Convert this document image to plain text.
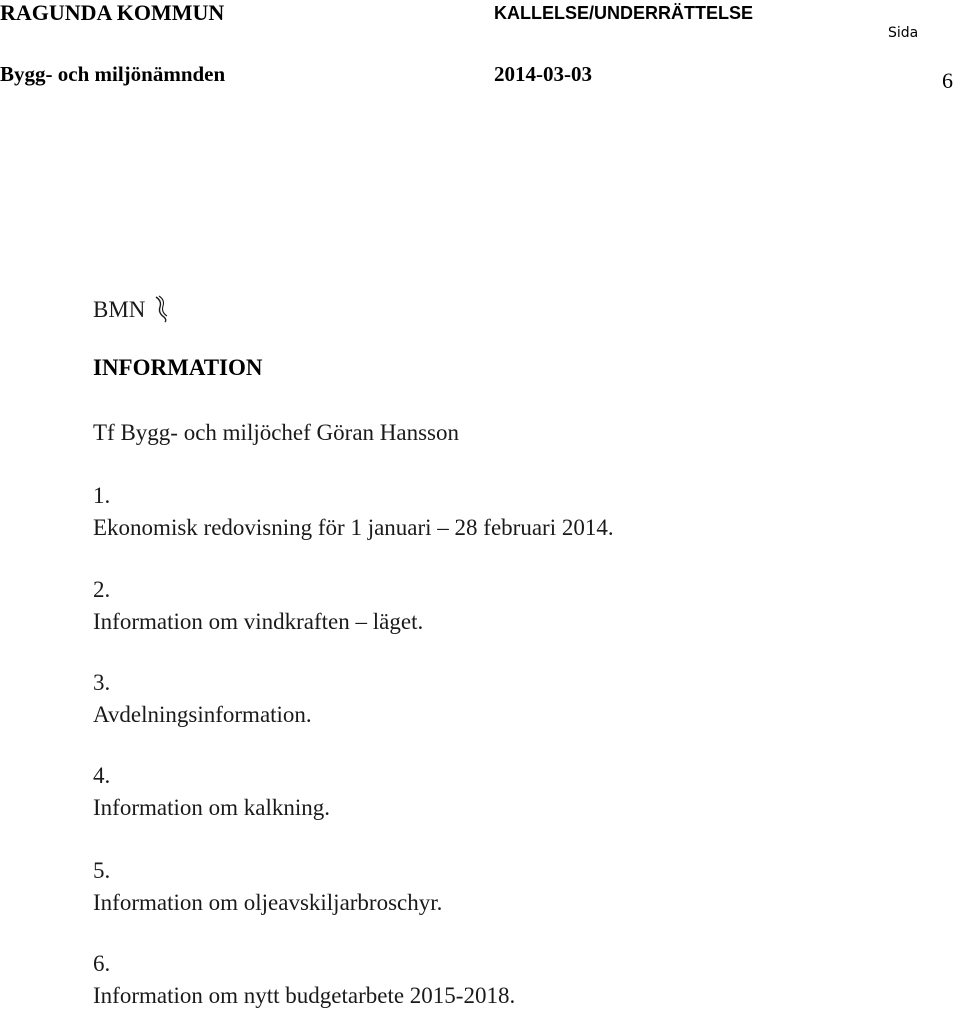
RAGUNDA KOMMUN	KALLELSE/UNDERRÄTTELSE
Sida
Bygg- och miljönämnden	2014-03-03	6
BMN
INFORMATION
Tf Bygg- och miljöchef Göran Hansson
1.
Ekonomisk redovisning för 1 januari – 28 februari 2014.
2.
Information om vindkraften – läget.
3.
Avdelningsinformation.
4.
Information om kalkning.
5.
Information om oljeavskiljarbroschyr.
6.
Information om nytt budgetarbete 2015-2018.
